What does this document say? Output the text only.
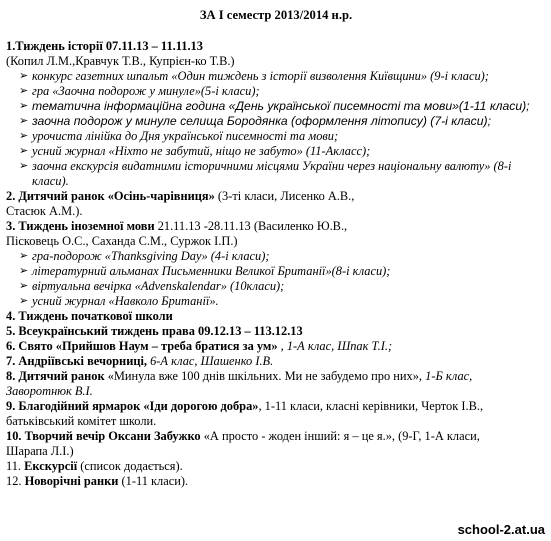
ЗА І семестр 2013/2014 н.р.
1.Тиждень історії 07.11.13 – 11.11.13
(Копил Л.М.,Кравчук Т.В., Купрієн-ко Т.В.)
➢ конкурс газетних шпальт «Один тиждень з історії визволення Київщини» (9-і класи);
➢ гра «Заочна подорож у минуле»(5-і класи);
➢ тематична інформаційна година «День української писемності та мови»(1-11 класи);
➢ заочна подорож у минуле селища Бородянка (оформлення літопису) (7-і класи);
➢ урочиста лінійка до Дня української писемності та мови;
➢ усний журнал «Ніхто не забутий, ніщо не забуто» (11-Акласс);
➢ заочна екскурсія видатними історичними місцями України через національну валюту» (8-і класи).
2. Дитячий ранок «Осінь-чарівниця» (3-ті класи, Лисенко А.В.,
Стасюк А.М.).
3. Тиждень іноземної мови 21.11.13 -28.11.13 (Василенко Ю.В.,
Пісковець О.С., Саханда С.М., Суржок І.П.)
➢ гра-подорож «Thanksgiving Day» (4-і класи);
➢ літературний альманах Письменники Великої Британії»(8-і класи);
➢ віртуальна вечірка «Advenskalendar» (10класи);
➢ усний журнал «Навколо Британії».
4. Тиждень початкової школи
5. Всеукраїнський тиждень права 09.12.13 – 113.12.13
6. Свято «Прийшов Наум – треба братися за ум» , 1-А клас, Шпак Т.І.;
7. Андріївські вечорниці, 6-А клас, Шашенко І.В.
8. Дитячий ранок «Минула вже 100 днів шкільних. Ми не забудемо про них», 1-Б клас,
Заворотнюк В.І.
9. Благодійний ярмарок «Іди дорогою добра», 1-11 класи, класні керівники, Черток І.В.,
батьківський комітет школи.
10. Творчий вечір Оксани Забужко «А просто - жоден інший: я – це я.», (9-Г, 1-А класи,
Шарапа Л.І.)
11. Екскурсії (список додається).
12. Новорічні ранки (1-11 класи).
school-2.at.ua
